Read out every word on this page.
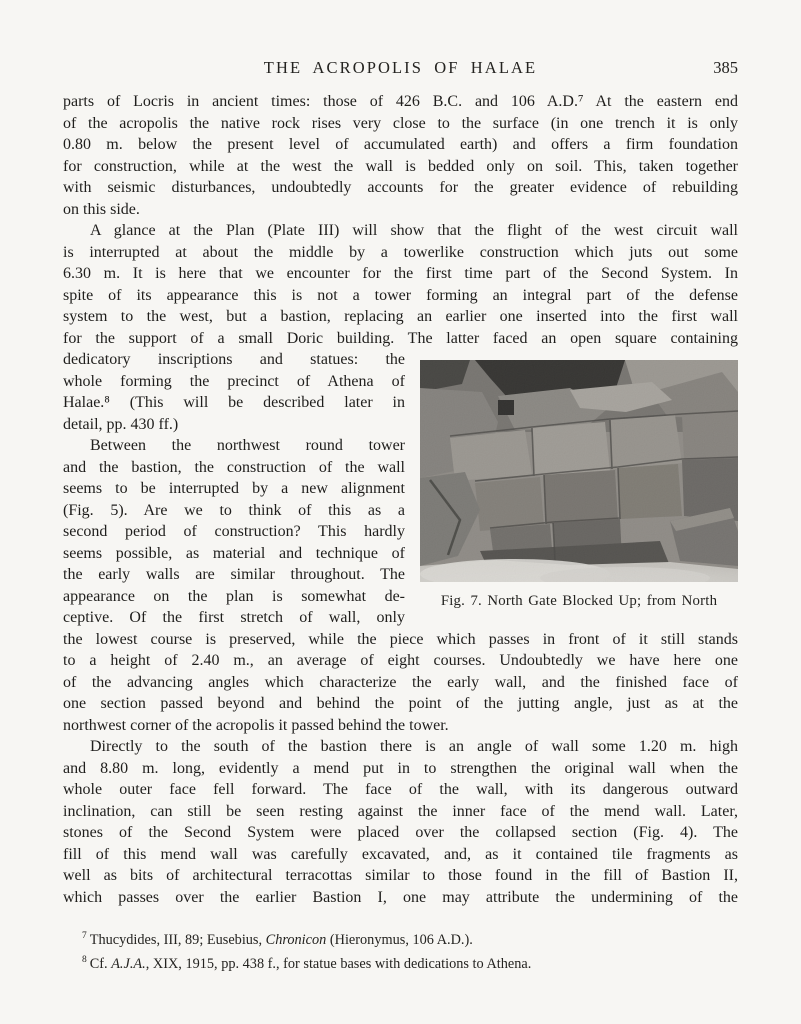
THE ACROPOLIS OF HALAE	385
parts of Locris in ancient times: those of 426 B.C. and 106 A.D.⁷ At the eastern end
of the acropolis the native rock rises very close to the surface (in one trench it is only
0.80 m. below the present level of accumulated earth) and offers a firm foundation
for construction, while at the west the wall is bedded only on soil. This, taken together
with seismic disturbances, undoubtedly accounts for the greater evidence of rebuilding
on this side.
A glance at the Plan (Plate III) will show that the flight of the west circuit wall
is interrupted at about the middle by a towerlike construction which juts out some
6.30 m. It is here that we encounter for the first time part of the Second System. In
spite of its appearance this is not a tower forming an integral part of the defense
system to the west, but a bastion, replacing an earlier one inserted into the first wall
for the support of a small Doric building. The latter faced an open square containing
dedicatory inscriptions and statues: the
whole forming the precinct of Athena of
Halae.⁸ (This will be described later in
detail, pp. 430 ff.)
Between the northwest round tower
and the bastion, the construction of the wall
seems to be interrupted by a new alignment
(Fig. 5). Are we to think of this as a
second period of construction? This hardly
seems possible, as material and technique of
the early walls are similar throughout. The
appearance on the plan is somewhat de-
ceptive. Of the first stretch of wall, only
Fig. 7. North Gate Blocked Up; from North
the lowest course is preserved, while the piece which passes in front of it still stands
to a height of 2.40 m., an average of eight courses. Undoubtedly we have here one
of the advancing angles which characterize the early wall, and the finished face of
one section passed beyond and behind the point of the jutting angle, just as at the
northwest corner of the acropolis it passed behind the tower.
Directly to the south of the bastion there is an angle of wall some 1.20 m. high
and 8.80 m. long, evidently a mend put in to strengthen the original wall when the
whole outer face fell forward. The face of the wall, with its dangerous outward
inclination, can still be seen resting against the inner face of the mend wall. Later,
stones of the Second System were placed over the collapsed section (Fig. 4). The
fill of this mend wall was carefully excavated, and, as it contained tile fragments as
well as bits of architectural terracottas similar to those found in the fill of Bastion II,
which passes over the earlier Bastion I, one may attribute the undermining of the
$^7$ Thucydides, III, 89; Eusebius, Chronicon (Hieronymus, 106 A.D.).
$^8$ Cf. A.J.A., XIX, 1915, pp. 438 f., for statue bases with dedications to Athena.
